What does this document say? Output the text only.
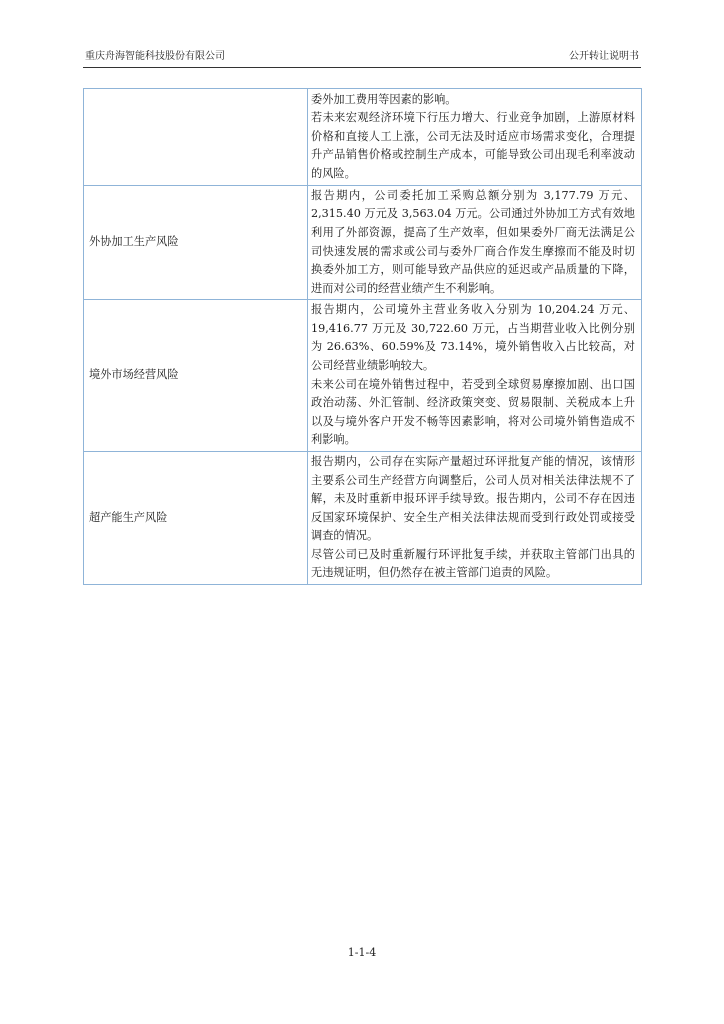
重庆舟海智能科技股份有限公司	公开转让说明书

	委外加工费用等因素的影响。

若未来宏观经济环境下行压力增大、行业竞争加剧，上游原材料价格和直接人工上涨，公司无法及时适应市场需求变化，合理提升产品销售价格或控制生产成本，可能导致公司出现毛利率波动的风险。

外协加工生产风险	报告期内，公司委托加工采购总额分别为 3,177.79 万元、2,315.40 万元及 3,563.04 万元。公司通过外协加工方式有效地利用了外部资源，提高了生产效率，但如果委外厂商无法满足公司快速发展的需求或公司与委外厂商合作发生摩擦而不能及时切换委外加工方，则可能导致产品供应的延迟或产品质量的下降，进而对公司的经营业绩产生不利影响。

境外市场经营风险	报告期内，公司境外主营业务收入分别为 10,204.24 万元、19,416.77 万元及 30,722.60 万元，占当期营业收入比例分别为 26.63%、60.59%及 73.14%，境外销售收入占比较高，对公司经营业绩影响较大。

未来公司在境外销售过程中，若受到全球贸易摩擦加剧、出口国政治动荡、外汇管制、经济政策突变、贸易限制、关税成本上升以及与境外客户开发不畅等因素影响，将对公司境外销售造成不利影响。

超产能生产风险	报告期内，公司存在实际产量超过环评批复产能的情况，该情形主要系公司生产经营方向调整后，公司人员对相关法律法规不了解，未及时重新申报环评手续导致。报告期内，公司不存在因违反国家环境保护、安全生产相关法律法规而受到行政处罚或接受调查的情况。

尽管公司已及时重新履行环评批复手续，并获取主管部门出具的无违规证明，但仍然存在被主管部门追责的风险。

1-1-4
